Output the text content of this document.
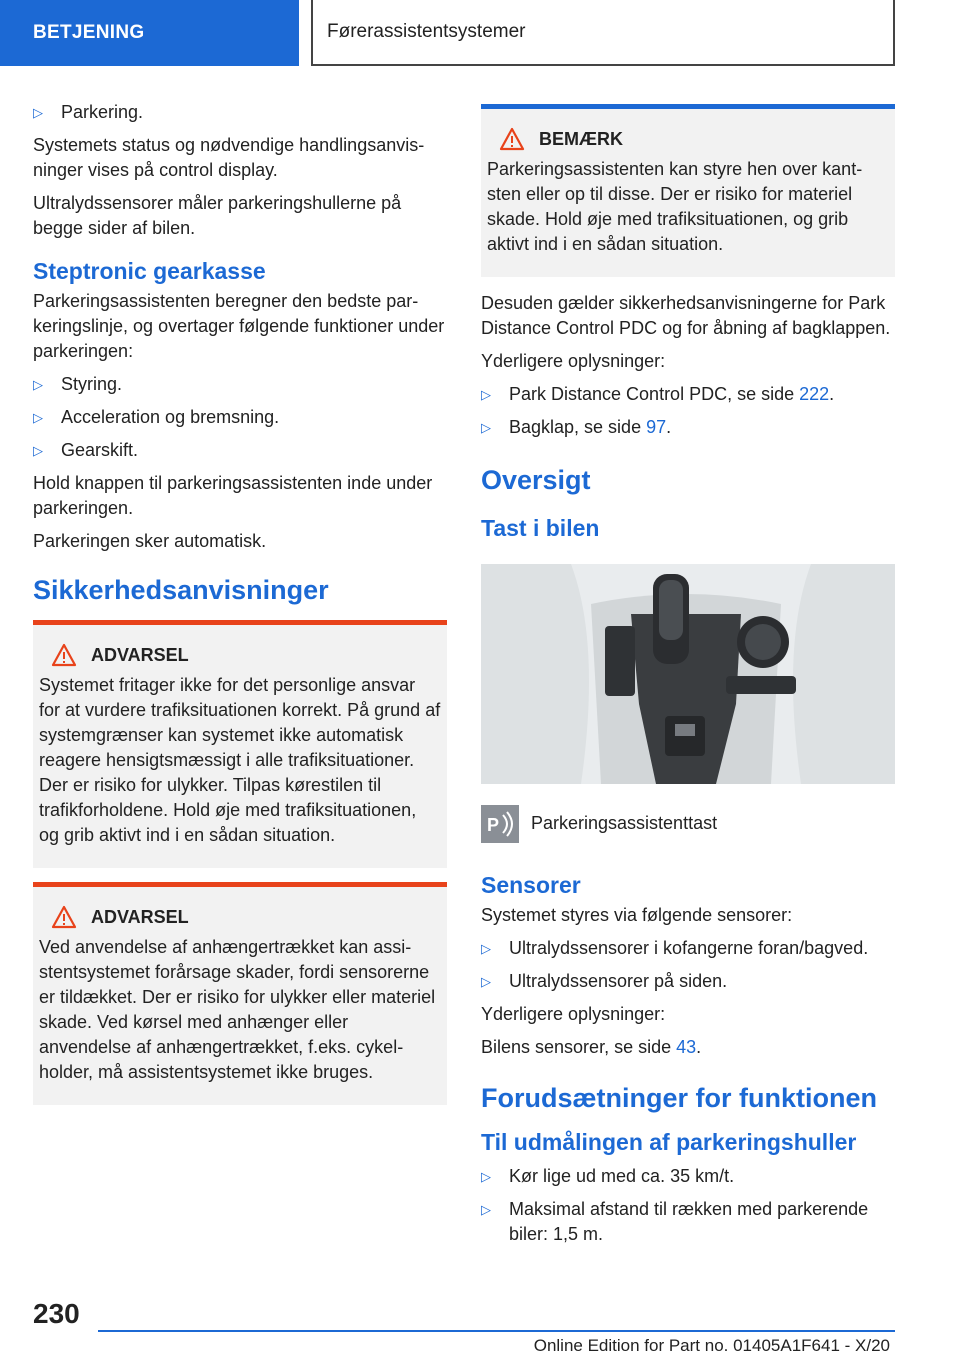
BETJENING	Førerassistentsystemer
▷	Parkering.

Systemets status og nødvendige handlingsanvisninger vises på control display.

Ultralydssensorer måler parkeringshullerne på begge sider af bilen.

Steptronic gearkasse

Parkeringsassistenten beregner den bedste parkeringslinje, og overtager følgende funktioner under parkeringen:

▷	Styring.
▷	Acceleration og bremsning.
▷	Gearskift.

Hold knappen til parkeringsassistenten inde under parkeringen.

Parkeringen sker automatisk.

Sikkerhedsanvisninger
ADVARSEL

Systemet fritager ikke for det personlige ansvar for at vurdere trafiksituationen korrekt. På grund af systemgrænser kan systemet ikke automatisk reagere hensigtsmæssigt i alle trafiksituationer. Der er risiko for ulykker. Tilpas kørestilen til trafikforholdene. Hold øje med trafiksituationen, og grib aktivt ind i en sådan situation.

ADVARSEL

Ved anvendelse af anhængertrækket kan assistentsystemet forårsage skader, fordi sensorerne er tildækket. Der er risiko for ulykker eller materiel skade. Ved kørsel med anhænger eller anvendelse af anhængertrækket, f.eks. cykelholder, må assistentsystemet ikke bruges.

BEMÆRK

Parkeringsassistenten kan styre hen over kantsten eller op til disse. Der er risiko for materiel skade. Hold øje med trafiksituationen, og grib aktivt ind i en sådan situation.

Desuden gælder sikkerhedsanvisningerne for Park Distance Control PDC og for åbning af bagklappen.

Yderligere oplysninger:

▷	Park Distance Control PDC, se side 222.
▷	Bagklap, se side 97.
Oversigt
Tast i bilen
P Parkeringsassistenttast

Sensorer

Systemet styres via følgende sensorer:

▷	Ultralydssensorer i kofangerne foran/bagved.
▷	Ultralydssensorer på siden.

Yderligere oplysninger:

Bilens sensorer, se side 43.

Forudsætninger for funktionen
Til udmålingen af parkeringshuller
▷	Kør lige ud med ca. 35 km/t.
▷	Maksimal afstand til rækken med parkerende biler: 1,5 m.
230
Online Edition for Part no. 01405A1F641 - X/20
